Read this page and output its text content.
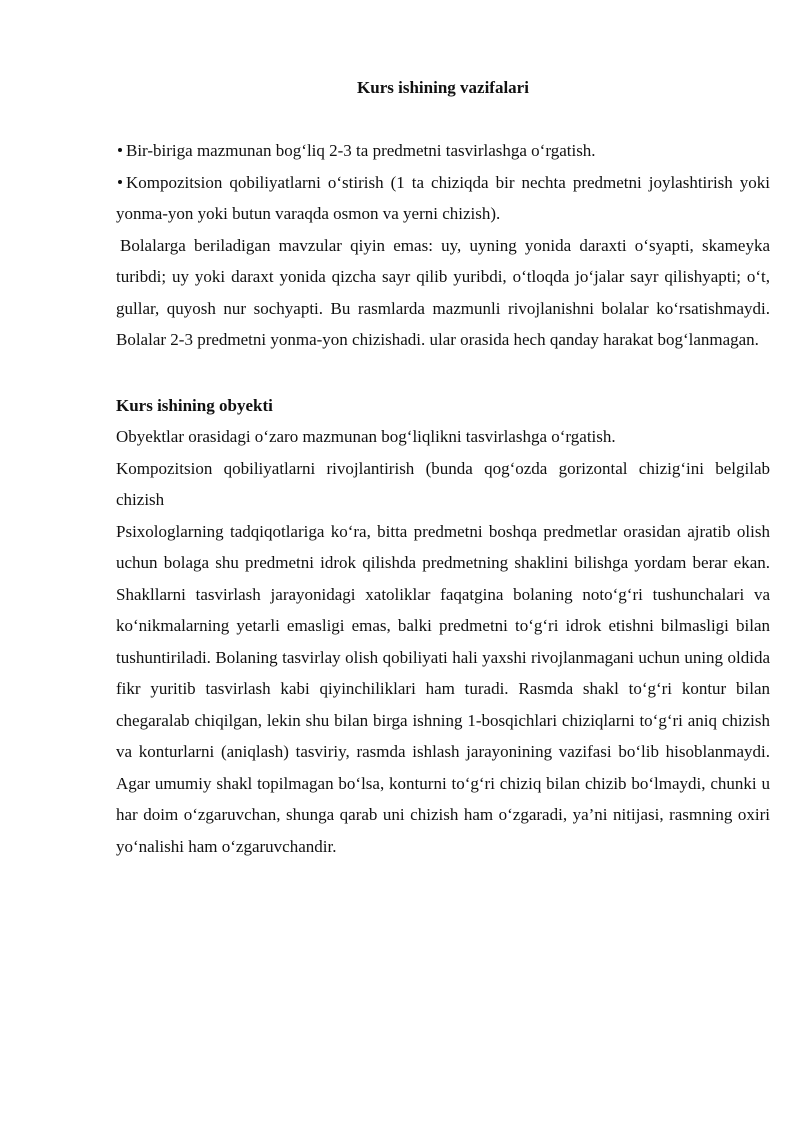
Kurs ishining vazifalari
Bir-biriga mazmunan bog‘liq 2-3 ta predmetni tasvirlashga o‘rgatish.
Kompozitsion qobiliyatlarni o‘stirish (1 ta chiziqda bir nechta predmetni joylashtirish yoki yonma-yon yoki butun varaqda osmon va yerni chizish).

Bolalarga beriladigan mavzular qiyin emas: uy, uyning yonida daraxti o‘syapti, skameyka turibdi; uy yoki daraxt yonida qizcha sayr qilib yuribdi, o‘tloqda jo‘jalar sayr qilishyapti; o‘t, gullar, quyosh nur sochyapti. Bu rasmlarda mazmunli rivojlanishni bolalar ko‘rsatishmaydi. Bolalar 2-3 predmetni yonma-yon chizishadi. ular orasida hech qanday harakat bog‘lanmagan.

Kurs ishining obyekti

Obyektlar orasidagi o‘zaro mazmunan bog‘liqlikni tasvirlashga o‘rgatish.

Kompozitsion qobiliyatlarni rivojlantirish (bunda qog‘ozda gorizontal chizig‘ini belgilab chizish

Psixologlarning tadqiqotlariga ko‘ra, bitta predmetni boshqa predmetlar orasidan ajratib olish uchun bolaga shu predmetni idrok qilishda predmetning shaklini bilishga yordam berar ekan. Shakllarni tasvirlash jarayonidagi xatoliklar faqatgina bolaning noto‘g‘ri tushunchalari va ko‘nikmalarning yetarli emasligi emas, balki predmetni to‘g‘ri idrok etishni bilmasligi bilan tushuntiriladi. Bolaning tasvirlay olish qobiliyati hali yaxshi rivojlanmagani uchun uning oldida fikr yuritib tasvirlash kabi qiyinchiliklari ham turadi. Rasmda shakl to‘g‘ri kontur bilan chegaralab chiqilgan, lekin shu bilan birga ishning 1-bosqichlari chiziqlarni to‘g‘ri aniq chizish va konturlarni (aniqlash) tasviriy, rasmda ishlash jarayonining vazifasi bo‘lib hisoblanmaydi. Agar umumiy shakl topilmagan bo‘lsa, konturni to‘g‘ri chiziq bilan chizib bo‘lmaydi, chunki u har doim o‘zgaruvchan, shunga qarab uni chizish ham o‘zgaradi, ya’ni nitijasi, rasmning oxiri yo‘nalishi ham o‘zgaruvchandir.
